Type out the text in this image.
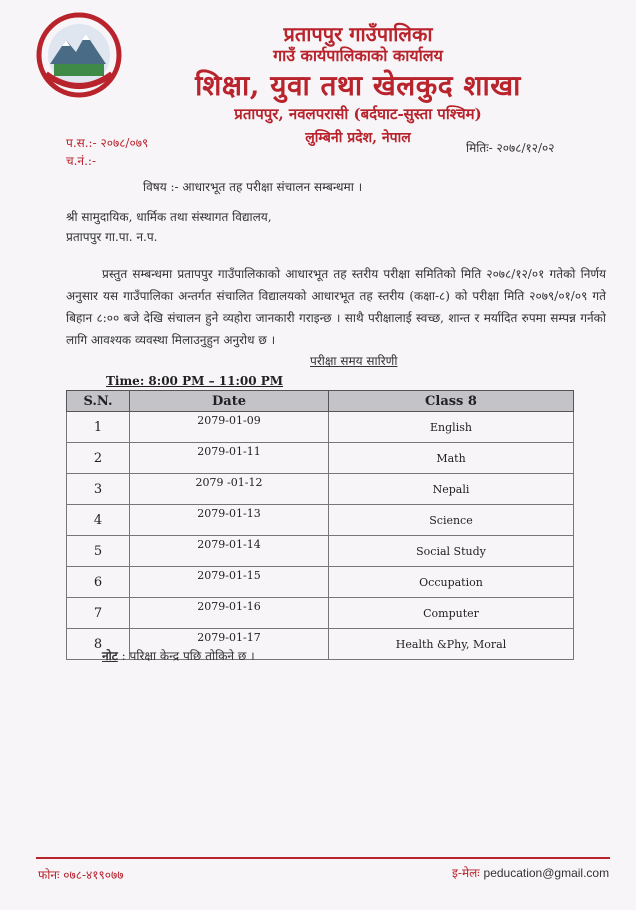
प्रतापपुर गाउँपालिका
गाउँ कार्यपालिकाको कार्यालय
शिक्षा, युवा तथा खेलकुद शाखा
प्रतापपुर, नवलपरासी (बर्दघाट-सुस्ता पश्चिम)
लुम्बिनी प्रदेश, नेपाल
प.स.:- २०७८/०७९
च.नं.:-
मितिः- २०७८/१२/०२
विषय :- आधारभूत तह परीक्षा संचालन सम्बन्धमा ।
श्री सामुदायिक, धार्मिक तथा संस्थागत विद्यालय,
प्रतापपुर गा.पा. न.प.
प्रस्तुत सम्बन्धमा प्रतापपुर गाउँपालिकाको आधारभूत तह स्तरीय परीक्षा समितिको मिति २०७८/१२/०१ गतेको निर्णय अनुसार यस गाउँपालिका अन्तर्गत संचालित विद्यालयको आधारभूत तह स्तरीय (कक्षा-८) को परीक्षा मिति २०७९/०१/०९ गते बिहान ८:०० बजे देखि संचालन हुने व्यहोरा जानकारी गराइन्छ । साथै परीक्षालाई स्वच्छ, शान्त र मर्यादित रुपमा सम्पन्न गर्नको लागि आवश्यक व्यवस्था मिलाउनुहुन अनुरोध छ ।
परीक्षा समय सारिणी
Time: 8:00 PM – 11:00 PM
S.N.	Date	Class 8
1	2079-01-09	English
2	2079-01-11	Math
3	2079 -01-12	Nepali
4	2079-01-13	Science
5	2079-01-14	Social Study
6	2079-01-15	Occupation
7	2079-01-16	Computer
8	2079-01-17	Health &Phy, Moral
नोट : परिक्षा केन्द्र पछि तोकिने छ ।
फोनः ०७८-४१९०७७	इ-मेलः peducation@gmail.com
